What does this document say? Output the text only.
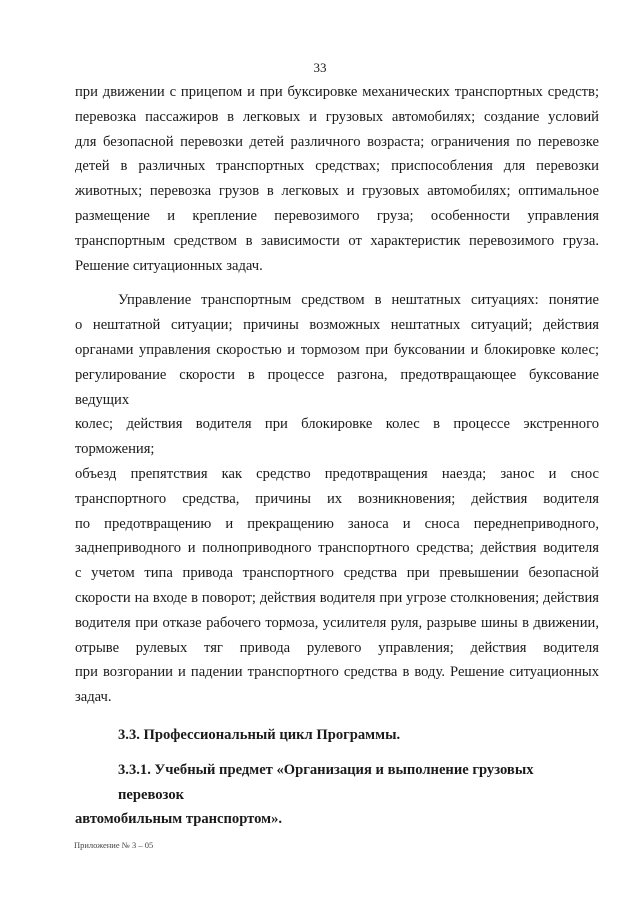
33

при движении с прицепом и при буксировке механических транспортных средств;
перевозка пассажиров в легковых и грузовых автомобилях; создание условий
для безопасной перевозки детей различного возраста; ограничения по перевозке
детей в различных транспортных средствах; приспособления для перевозки
животных; перевозка грузов в легковых и грузовых автомобилях; оптимальное
размещение и крепление перевозимого груза; особенности управления
транспортным средством в зависимости от характеристик перевозимого груза.
Решение ситуационных задач.

Управление транспортным средством в нештатных ситуациях: понятие
о нештатной ситуации; причины возможных нештатных ситуаций; действия
органами управления скоростью и тормозом при буксовании и блокировке колес;
регулирование скорости в процессе разгона, предотвращающее буксование ведущих
колес; действия водителя при блокировке колес в процессе экстренного торможения;
объезд препятствия как средство предотвращения наезда; занос и снос
транспортного средства, причины их возникновения; действия водителя
по предотвращению и прекращению заноса и сноса переднеприводного,
заднеприводного и полноприводного транспортного средства; действия водителя
с учетом типа привода транспортного средства при превышении безопасной
скорости на входе в поворот; действия водителя при угрозе столкновения; действия
водителя при отказе рабочего тормоза, усилителя руля, разрыве шины в движении,
отрыве рулевых тяг привода рулевого управления; действия водителя
при возгорании и падении транспортного средства в воду. Решение ситуационных
задач.

3.3. Профессиональный цикл Программы.

3.3.1. Учебный предмет «Организация и выполнение грузовых перевозок
автомобильным транспортом».

Приложение № 3 – 05
